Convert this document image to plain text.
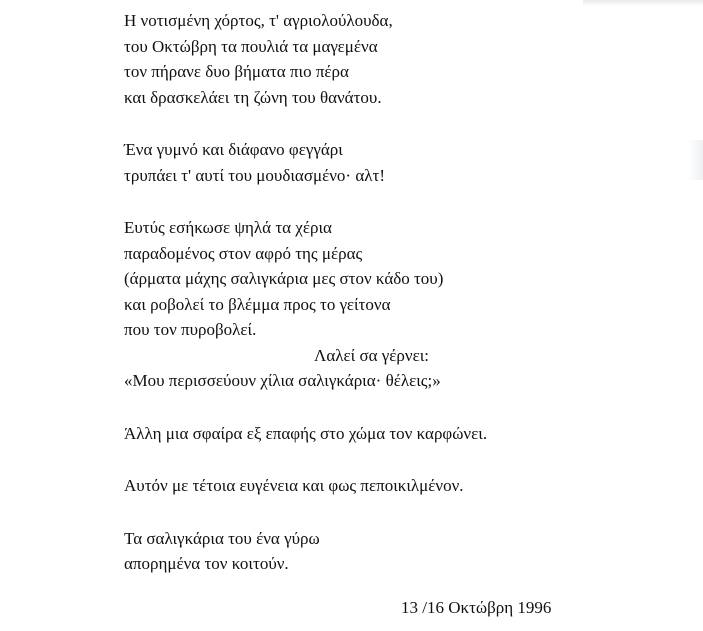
Η νοτισμένη χόρτος, τ' αγριολούλουδα,
του Οκτώβρη τα πουλιά τα μαγεμένα
τον πήρανε δυο βήματα πιο πέρα
και δρασκελάει τη ζώνη του θανάτου.
Ένα γυμνό και διάφανο φεγγάρι
τρυπάει τ' αυτί του μουδιασμένο· αλτ!
Ευτύς εσήκωσε ψηλά τα χέρια
παραδομένος στον αφρό της μέρας
(άρματα μάχης σαλιγκάρια μες στον κάδο του)
και ροβολεί το βλέμμα προς το γείτονα
που τον πυροβολεί.
Λαλεί σα γέρνει:
«Μου περισσεύουν χίλια σαλιγκάρια· θέλεις;»
Άλλη μια σφαίρα εξ επαφής στο χώμα τον καρφώνει.
Αυτόν με τέτοια ευγένεια και φως πεποικιλμένον.
Τα σαλιγκάρια του ένα γύρω
απορημένα τον κοιτούν.
13 /16 Οκτώβρη 1996
